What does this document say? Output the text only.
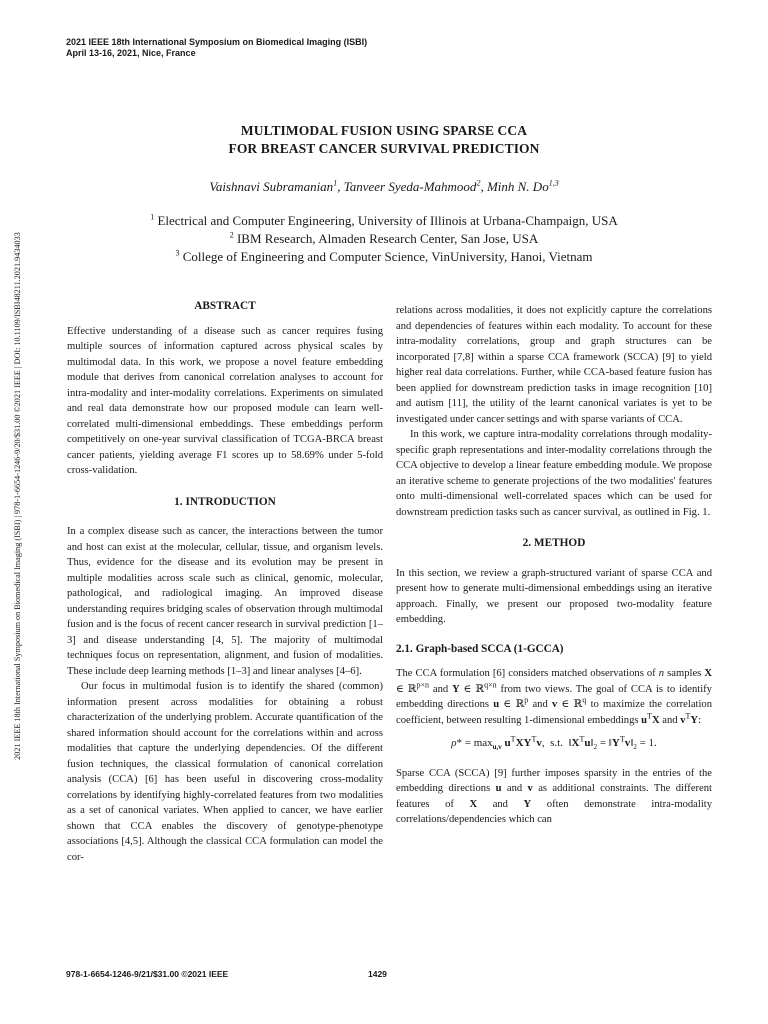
2021 IEEE 18th International Symposium on Biomedical Imaging (ISBI)
April 13-16, 2021, Nice, France
2021 IEEE 18th International Symposium on Biomedical Imaging (ISBI) | 978-1-6654-1246-9/20/$31.00 ©2021 IEEE | DOI: 10.1109/ISBI48211.2021.9434033
MULTIMODAL FUSION USING SPARSE CCA
FOR BREAST CANCER SURVIVAL PREDICTION
Vaishnavi Subramanian$^1$, Tanveer Syeda-Mahmood$^2$, Minh N. Do$^{1,3}$
$^1$ Electrical and Computer Engineering, University of Illinois at Urbana-Champaign, USA
$^2$ IBM Research, Almaden Research Center, San Jose, USA
$^3$ College of Engineering and Computer Science, VinUniversity, Hanoi, Vietnam
ABSTRACT

Effective understanding of a disease such as cancer requires fusing multiple sources of information captured across physical scales by multimodal data. In this work, we propose a novel feature embedding module that derives from canonical correlation analyses to account for intra-modality and inter-modality correlations. Experiments on simulated and real data demonstrate how our proposed module can learn well-correlated multi-dimensional embeddings. These embeddings perform competitively on one-year survival classification of TCGA-BRCA breast cancer patients, yielding average F1 scores up to 58.69% under 5-fold cross-validation.

1. INTRODUCTION

In a complex disease such as cancer, the interactions between the tumor and host can exist at the molecular, cellular, tissue, and organism levels. Thus, evidence for the disease and its evolution may be present in multiple modalities across scale such as clinical, genomic, molecular, pathological, and radiological imaging. An improved disease understanding requires bridging scales of observation through multimodal fusion and is the focus of recent cancer research in survival prediction [1–3] and disease understanding [4, 5]. The majority of multimodal techniques focus on representation, alignment, and fusion of modalities. These include deep learning methods [1–3] and linear analyses [4–6].

Our focus in multimodal fusion is to identify the shared (common) information present across modalities for obtaining a robust characterization of the underlying problem. Accurate quantification of the shared information should account for the correlations within and across modalities that capture the underlying dependencies. Of the different fusion techniques, the classical formulation of canonical correlation analysis (CCA) [6] has been useful in discovering cross-modality correlations by identifying highly-correlated features from two modalities as a set of canonical variates. When applied to cancer, we have earlier shown that CCA enables the discovery of genotype-phenotype associations [4,5]. Although the classical CCA formulation can model the cor-

relations across modalities, it does not explicitly capture the correlations and dependencies of features within each modality. To account for these intra-modality correlations, group and graph structures can be incorporated [7,8] within a sparse CCA framework (SCCA) [9] to yield higher real data correlations. Further, while CCA-based feature fusion has been applied for downstream prediction tasks in image recognition [10] and autism [11], the utility of the learnt canonical variates is yet to be investigated under cancer settings and with sparse variants of CCA.

In this work, we capture intra-modality correlations through modality-specific graph representations and inter-modality correlations through the CCA objective to develop a linear feature embedding module. We propose an iterative scheme to generate projections of the two modalities' features onto multi-dimensional well-correlated spaces which can be used for downstream prediction tasks such as cancer survival, as outlined in Fig. 1.

2. METHOD

In this section, we review a graph-structured variant of sparse CCA and present how to generate multi-dimensional embeddings using an iterative approach. Finally, we present our proposed two-modality feature embedding.

2.1. Graph-based SCCA (1-GCCA)

The CCA formulation [6] considers matched observations of n samples X ∈ ℝ$^{p\times n}$ and Y ∈ ℝ$^{q\times n}$ from two views. The goal of CCA is to identify embedding directions u ∈ ℝ$^p$ and v ∈ ℝ$^q$ to maximize the correlation coefficient, between resulting 1-dimensional embeddings $u^TX$ and $v^TY$:

$\rho* = \max_{u,v} u^TXY^Tv$,  s.t.  $‖X^Tu‖_2$ = $‖Y^Tv‖_2 = 1$.

Sparse CCA (SCCA) [9] further imposes sparsity in the entries of the embedding directions u and v as additional constraints. The different features of X and Y often demonstrate intra-modality correlations/dependencies which can

978-1-6654-1246-9/21/$31.00 ©2021 IEEE	1429
